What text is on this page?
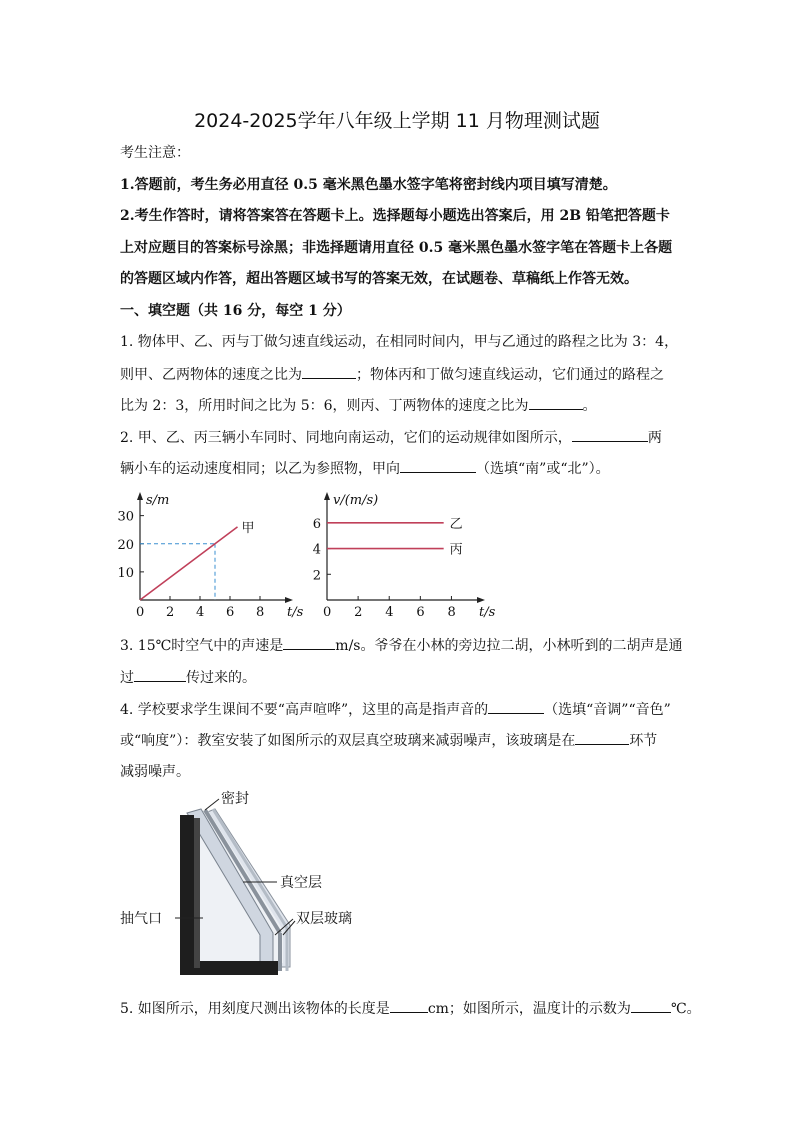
2024-2025学年八年级上学期 11 月物理测试题
考生注意：
1.答题前，考生务必用直径 0.5 毫米黑色墨水签字笔将密封线内项目填写清楚。
2.考生作答时，请将答案答在答题卡上。选择题每小题选出答案后，用 2B 铅笔把答题卡
上对应题目的答案标号涂黑；非选择题请用直径 0.5 毫米黑色墨水签字笔在答题卡上各题
的答题区域内作答，超出答题区域书写的答案无效，在试题卷、草稿纸上作答无效。
一、填空题（共 16 分，每空 1 分）
1. 物体甲、乙、丙与丁做匀速直线运动，在相同时间内，甲与乙通过的路程之比为 3：4，
则甲、乙两物体的速度之比为	；物体丙和丁做匀速直线运动，它们通过的路程之
比为 2：3，所用时间之比为 5：6，则丙、丁两物体的速度之比为	。
2. 甲、乙、丙三辆小车同时、同地向南运动，它们的运动规律如图所示，	两
辆小车的运动速度相同；以乙为参照物，甲向	（选填“南”或“北”）。
s/m
t/s
0 2 4 6 8
10
20
30
甲
v/(m/s)
t/s
0 2 4 6 8
2
4
6	乙
丙
3. 15℃时空气中的声速是	m/s。爷爷在小林的旁边拉二胡，小林听到的二胡声是通
过	传过来的。
4. 学校要求学生课间不要“高声喧哗”，这里的高是指声音的	（选填“音调”“音色”
或“响度”）：教室安装了如图所示的双层真空玻璃来减弱噪声，该玻璃是在	环节
减弱噪声。
密封
真空层
抽气口	双层玻璃
5. 如图所示，用刻度尺测出该物体的长度是	cm；如图所示，温度计的示数为	℃。
